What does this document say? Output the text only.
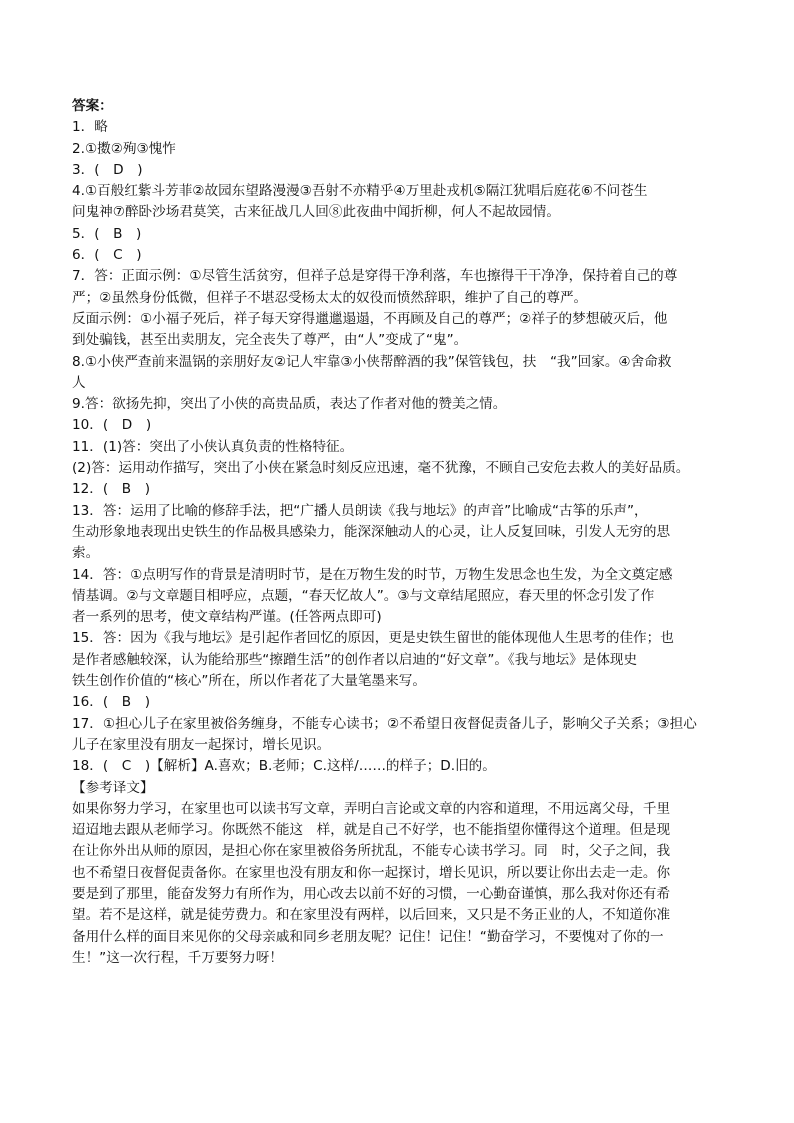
答案：
1．略
2.①擞②殉③愧怍
3．(　D　)
4.①百般红紫斗芳菲②故园东望路漫漫③吾射不亦精乎④万里赴戎机⑤隔江犹唱后庭花⑥不问苍生
问鬼神⑦醉卧沙场君莫笑，古来征战几人回⑧此夜曲中闻折柳，何人不起故园情。
5．(　B　)
6．(　C　)
7．答：正面示例：①尽管生活贫穷，但祥子总是穿得干净利落，车也擦得干干净净，保持着自己的尊
严；②虽然身份低微，但祥子不堪忍受杨太太的奴役而愤然辞职，维护了自己的尊严。
反面示例：①小福子死后，祥子每天穿得邋邋遢遢，不再顾及自己的尊严；②祥子的梦想破灭后，他
到处骗钱，甚至出卖朋友，完全丧失了尊严，由“人”变成了“鬼”。
8.①小侠严查前来温锅的亲朋好友②记人牢靠③小侠帮醉酒的我”保管钱包，扶　“我”回家。④舍命救
人
9.答：欲扬先抑，突出了小侠的高贵品质，表达了作者对他的赞美之情。
10．(　D　)
11．(1)答：突出了小侠认真负责的性格特征。
(2)答：运用动作描写，突出了小侠在紧急时刻反应迅速，毫不犹豫，不顾自己安危去救人的美好品质。
12．(　B　)
13．答：运用了比喻的修辞手法，把“广播人员朗读《我与地坛》的声音”比喻成“古筝的乐声”，
生动形象地表现出史铁生的作品极具感染力，能深深触动人的心灵，让人反复回味，引发人无穷的思
索。
14．答：①点明写作的背景是清明时节，是在万物生发的时节，万物生发思念也生发，为全文奠定感
情基调。②与文章题目相呼应，点题，“春天忆故人”。③与文章结尾照应，春天里的怀念引发了作
者一系列的思考，使文章结构严谨。(任答两点即可)
15．答：因为《我与地坛》是引起作者回忆的原因，更是史铁生留世的能体现他人生思考的佳作；也
是作者感触较深，认为能给那些“擦蹭生活”的创作者以启迪的“好文章”。《我与地坛》是体现史
铁生创作价值的“核心”所在，所以作者花了大量笔墨来写。
16．(　B　)
17．①担心儿子在家里被俗务缠身，不能专心读书；②不希望日夜督促责备儿子，影响父子关系；③担心
儿子在家里没有朋友一起探讨，增长见识。
18．(　C　)【解析】A.喜欢；B.老师；C.这样/……的样子；D.旧的。
【参考译文】
如果你努力学习，在家里也可以读书写文章，弄明白言论或文章的内容和道理，不用远离父母，千里
迢迢地去跟从老师学习。你既然不能这　样，就是自己不好学，也不能指望你懂得这个道理。但是现
在让你外出从师的原因，是担心你在家里被俗务所扰乱，不能专心读书学习。同　时，父子之间，我
也不希望日夜督促责备你。在家里也没有朋友和你一起探讨，增长见识，所以要让你出去走一走。你
要是到了那里，能奋发努力有所作为，用心改去以前不好的习惯，一心勤奋谨慎，那么我对你还有希
望。若不是这样，就是徒劳费力。和在家里没有两样，以后回来，又只是不务正业的人，不知道你准
备用什么样的面目来见你的父母亲戚和同乡老朋友呢？记住！记住！“勤奋学习，不要愧对了你的一
生！”这一次行程，千万要努力呀！
